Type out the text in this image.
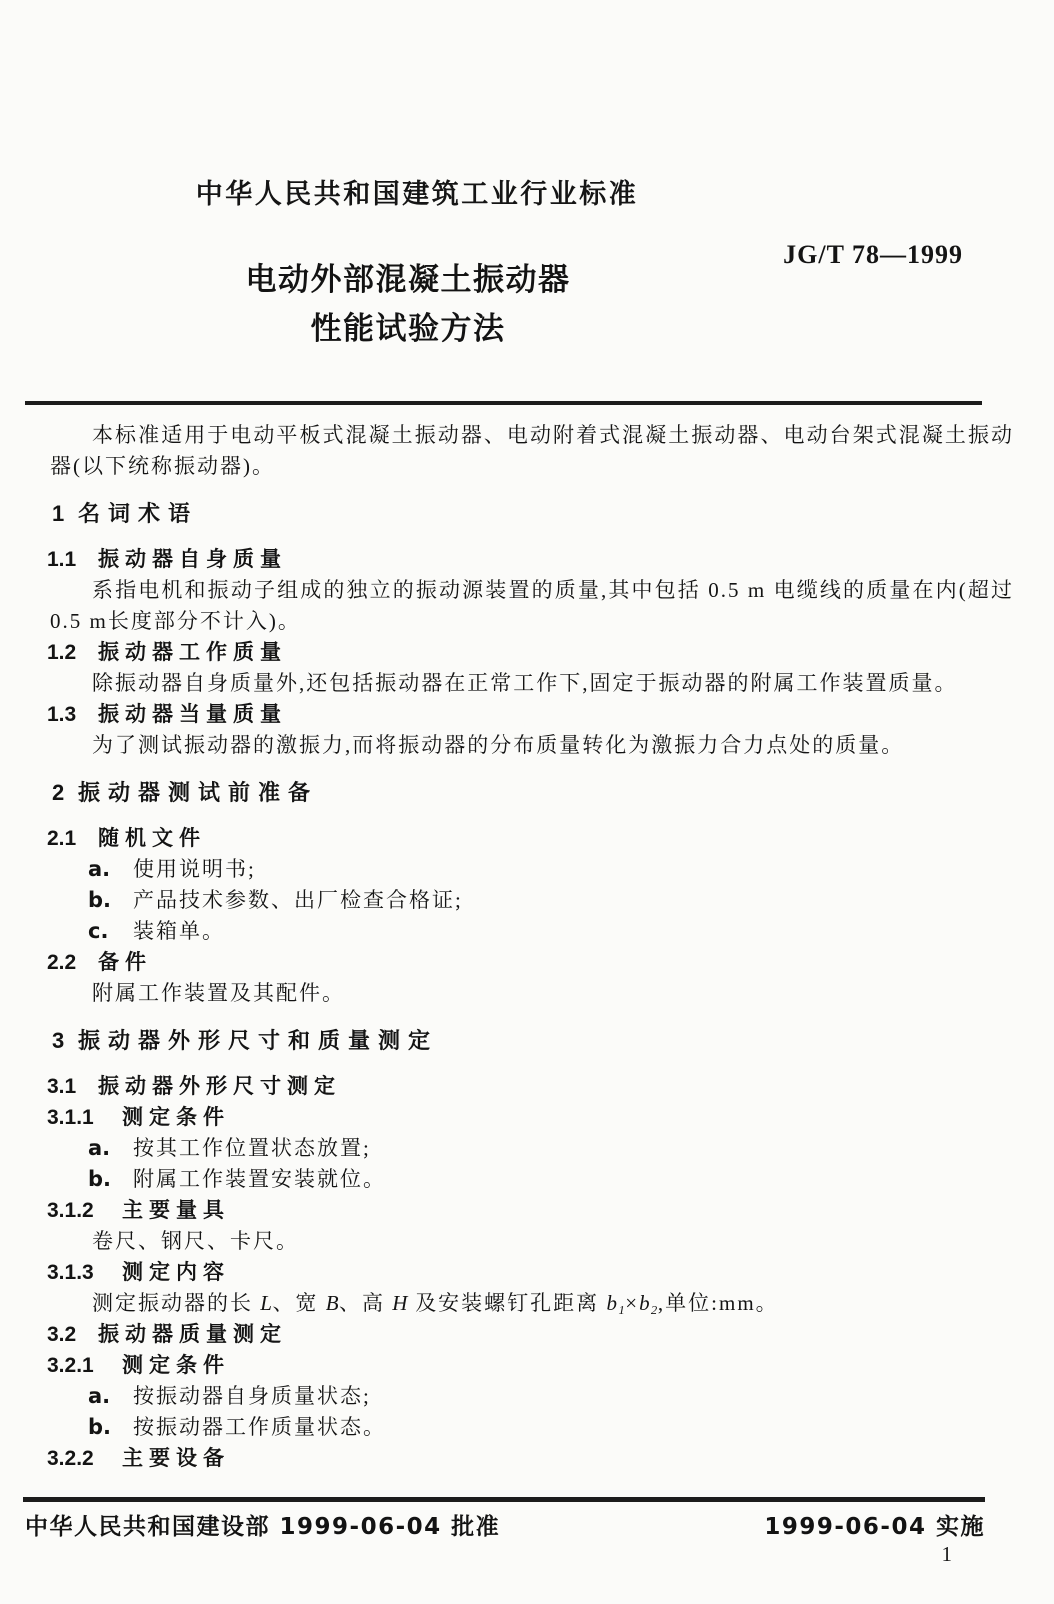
中华人民共和国建筑工业行业标准
电动外部混凝土振动器
性能试验方法
JG/T 78—1999

本标准适用于电动平板式混凝土振动器、电动附着式混凝土振动器、电动台架式混凝土振动器(以下统称振动器)。

1 名词术语
1.1 振动器自身质量

系指电机和振动子组成的独立的振动源装置的质量,其中包括 0.5 m 电缆线的质量在内(超过 0.5 m长度部分不计入)。

1.2 振动器工作质量

除振动器自身质量外,还包括振动器在正常工作下,固定于振动器的附属工作装置质量。

1.3 振动器当量质量

为了测试振动器的激振力,而将振动器的分布质量转化为激振力合力点处的质量。

2 振动器测试前准备
2.1 随机文件
a. 使用说明书;
b. 产品技术参数、出厂检查合格证;
c. 装箱单。
2.2 备件

附属工作装置及其配件。

3 振动器外形尺寸和质量测定
3.1 振动器外形尺寸测定
3.1.1 测定条件
a. 按其工作位置状态放置;
b. 附属工作装置安装就位。
3.1.2 主要量具

卷尺、钢尺、卡尺。

3.1.3 测定内容

测定振动器的长 L、宽 B、高 H 及安装螺钉孔距离 b₁×b₂,单位:mm。

3.2 振动器质量测定
3.2.1 测定条件
a. 按振动器自身质量状态;
b. 按振动器工作质量状态。
3.2.2 主要设备
中华人民共和国建设部 1999-06-04 批准	1999-06-04 实施
1
